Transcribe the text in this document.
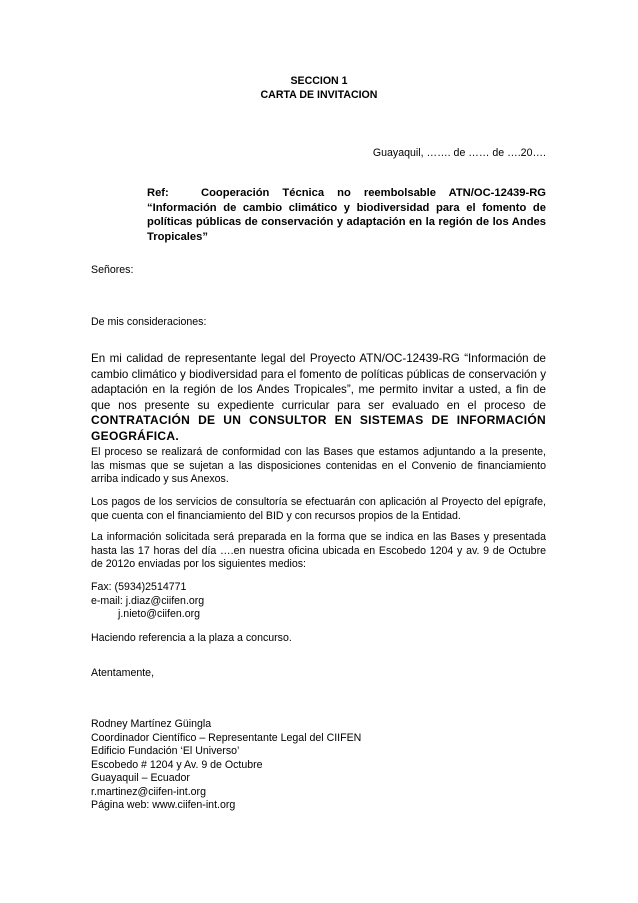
SECCION 1
CARTA DE INVITACION
Guayaquil, ……. de …… de ….20….
Ref:	Cooperación Técnica no reembolsable ATN/OC-12439-RG
“Información de cambio climático y biodiversidad para el fomento de políticas públicas de conservación y adaptación en la región de los Andes Tropicales”
Señores:
De mis consideraciones:
En mi calidad de representante legal del Proyecto ATN/OC-12439-RG “Información de cambio climático y biodiversidad para el fomento de políticas públicas de conservación y adaptación en la región de los Andes Tropicales”, me permito invitar a usted, a fin de que nos presente su expediente curricular para ser evaluado en el proceso de CONTRATACIÓN DE UN CONSULTOR EN SISTEMAS DE INFORMACIÓN GEOGRÁFICA.
El proceso se realizará de conformidad con las Bases que estamos adjuntando a la presente, las mismas que se sujetan a las disposiciones contenidas en el Convenio de financiamiento arriba indicado y sus Anexos.
Los pagos de los servicios de consultoría se efectuarán con aplicación al Proyecto del epígrafe, que cuenta con el financiamiento del BID y con recursos propios de la Entidad.
La información solicitada será preparada en la forma que se indica en las Bases y presentada hasta las 17 horas del día ….en nuestra oficina ubicada en Escobedo 1204 y av. 9 de Octubre de 2012o enviadas por los siguientes medios:
Fax: (5934)2514771
e-mail: j.diaz@ciifen.org
j.nieto@ciifen.org
Haciendo referencia a la plaza a concurso.
Atentamente,
Rodney Martínez Güingla
Coordinador Científico – Representante Legal del CIIFEN
Edificio Fundación ‘El Universo’
Escobedo # 1204 y Av. 9 de Octubre
Guayaquil – Ecuador
r.martinez@ciifen-int.org
Página web: www.ciifen-int.org
